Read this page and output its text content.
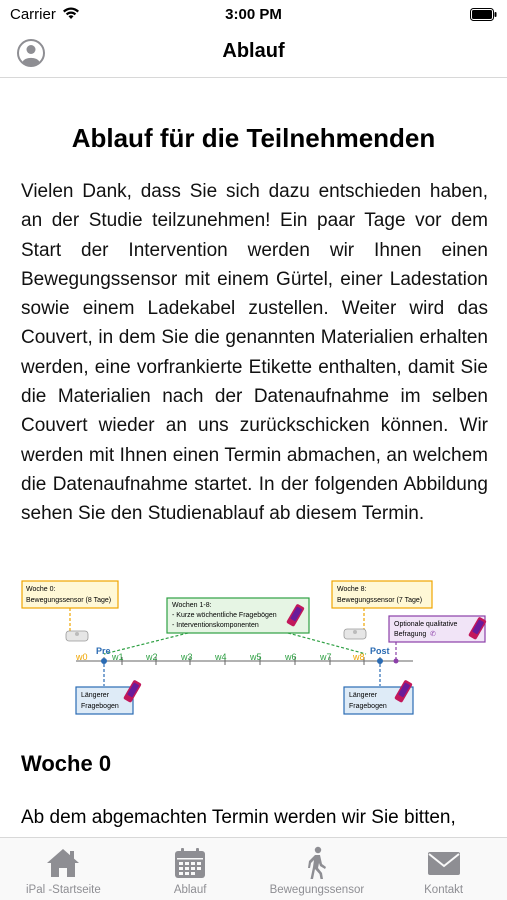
Carrier	3:00 PM
Ablauf
Ablauf für die Teilnehmenden

Vielen Dank, dass Sie sich dazu entschieden haben, an der Studie teilzunehmen! Ein paar Tage vor dem Start der Intervention werden wir Ihnen einen Bewegungssensor mit einem Gürtel, einer Ladestation sowie einem Ladekabel zustellen. Weiter wird das Couvert, in dem Sie die genannten Materialien erhalten werden, eine vorfrankierte Etikette enthalten, damit Sie die Materialien nach der Datenaufnahme im selben Couvert wieder an uns zurückschicken können. Wir werden mit Ihnen einen Termin abmachen, an welchem die Datenaufnahme startet. In der folgenden Abbildung sehen Sie den Studienablauf ab diesem Termin.

Woche 0:
Bewegungssensor (8 Tage)
Wochen 1-8:
- Kurze wöchentliche Fragebögen
- Interventionskomponenten
Woche 8:
Bewegungssensor (7 Tage)
Optionale qualitative
Befragung ✆
w0	w1 w2	w3 w4	w5	w6	w7 w8
Pre	Post
Längerer
Fragebogen
Längerer
Fragebogen
Woche 0

Ab dem abgemachten Termin werden wir Sie bitten,

iPal -Startseite	Ablauf	Bewegungssensor	Kontakt
